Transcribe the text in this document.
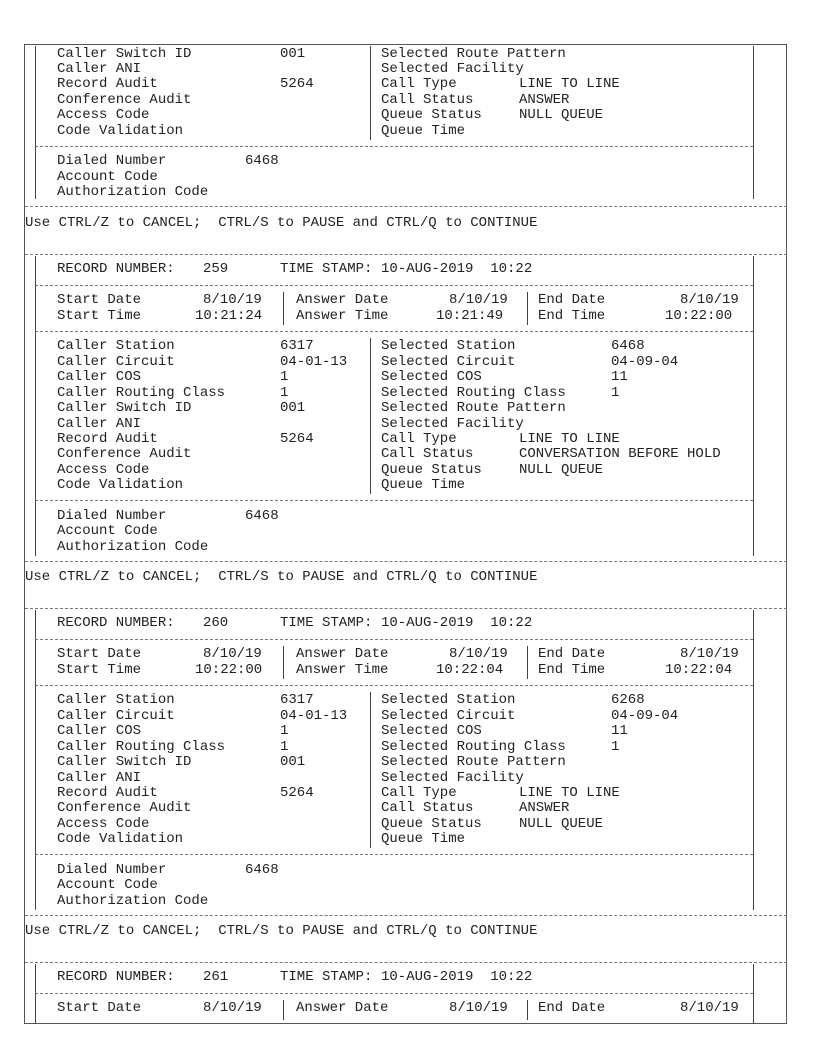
Caller Switch ID	001
Caller ANI
Record Audit	5264
Conference Audit
Access Code
Code Validation
Selected Route Pattern
Selected Facility
Call Type	LINE TO LINE
Call Status	ANSWER
Queue Status	NULL QUEUE
Queue Time
Dialed Number	6468
Account Code
Authorization Code
Use CTRL/Z to CANCEL;  CTRL/S to PAUSE and CTRL/Q to CONTINUE
RECORD NUMBER: 259	TIME STAMP: 10-AUG-2019  10:22
Start Date	8/10/19
Start Time	10:21:24
Answer Date	8/10/19
Answer Time	10:21:49
End Date	8/10/19
End Time	10:22:00
Caller Station	6317
Caller Circuit	04-01-13
Caller COS	1
Caller Routing Class	1
Caller Switch ID	001
Caller ANI
Record Audit	5264
Conference Audit
Access Code
Code Validation
Selected Station	6468
Selected Circuit	04-09-04
Selected COS	11
Selected Routing Class	1
Selected Route Pattern
Selected Facility
Call Type	LINE TO LINE
Call Status	CONVERSATION BEFORE HOLD
Queue Status	NULL QUEUE
Queue Time
Dialed Number	6468
Account Code
Authorization Code
Use CTRL/Z to CANCEL;  CTRL/S to PAUSE and CTRL/Q to CONTINUE
RECORD NUMBER: 260	TIME STAMP: 10-AUG-2019  10:22
Start Date	8/10/19
Start Time	10:22:00
Answer Date	8/10/19
Answer Time	10:22:04
End Date	8/10/19
End Time	10:22:04
Caller Station	6317
Caller Circuit	04-01-13
Caller COS	1
Caller Routing Class	1
Caller Switch ID	001
Caller ANI
Record Audit	5264
Conference Audit
Access Code
Code Validation
Selected Station	6268
Selected Circuit	04-09-04
Selected COS	11
Selected Routing Class	1
Selected Route Pattern
Selected Facility
Call Type	LINE TO LINE
Call Status	ANSWER
Queue Status	NULL QUEUE
Queue Time
Dialed Number	6468
Account Code
Authorization Code
Use CTRL/Z to CANCEL;  CTRL/S to PAUSE and CTRL/Q to CONTINUE
RECORD NUMBER: 261	TIME STAMP: 10-AUG-2019  10:22
Start Date	8/10/19 Answer Date	8/10/19 End Date	8/10/19
